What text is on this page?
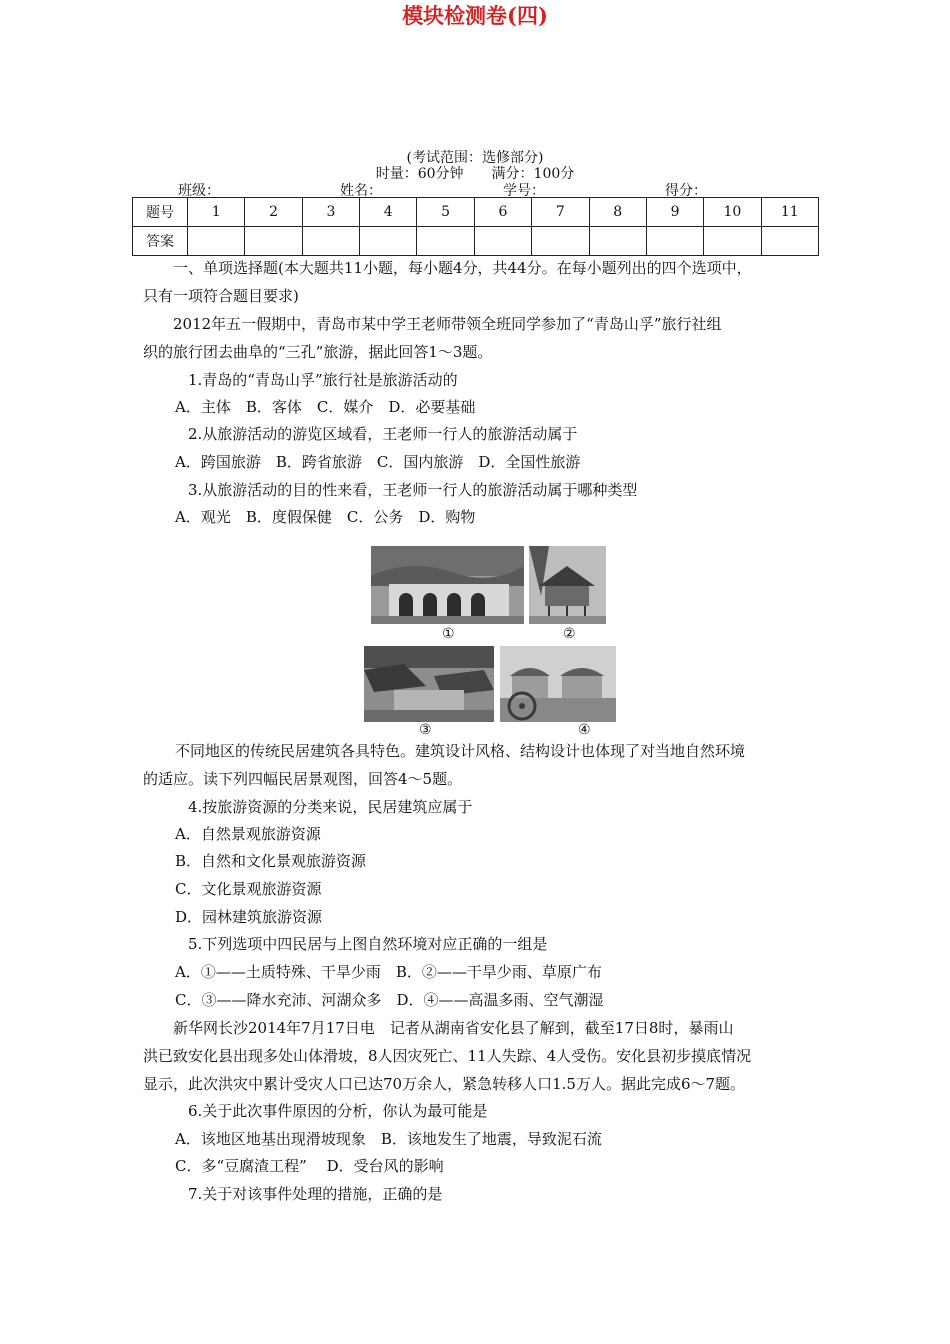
模块检测卷(四)
(考试范围：选修部分)
时量：60分钟　　满分：100分
班级：	姓名：	学号：	得分：
题号	1	2	3	4	5	6	7	8	9	10	11
答案											
一、单项选择题(本大题共11小题，每小题4分，共44分。在每小题列出的四个选项中，
只有一项符合题目要求)
2012年五一假期中，青岛市某中学王老师带领全班同学参加了“青岛山孚”旅行社组
织的旅行团去曲阜的“三孔”旅游，据此回答1～3题。
1.青岛的“青岛山孚”旅行社是旅游活动的
A．主体　B．客体　C．媒介　D．必要基础
2.从旅游活动的游览区域看，王老师一行人的旅游活动属于
A．跨国旅游　B．跨省旅游　C．国内旅游　D．全国性旅游
3.从旅游活动的目的性来看，王老师一行人的旅游活动属于哪种类型
A．观光　B．度假保健　C．公务　D．购物
①	②
③	④
不同地区的传统民居建筑各具特色。建筑设计风格、结构设计也体现了对当地自然环境
的适应。读下列四幅民居景观图，回答4～5题。
4.按旅游资源的分类来说，民居建筑应属于
A．自然景观旅游资源
B．自然和文化景观旅游资源
C．文化景观旅游资源
D．园林建筑旅游资源
5.下列选项中四民居与上图自然环境对应正确的一组是
A．①——土质特殊、干旱少雨　B．②——干旱少雨、草原广布
C．③——降水充沛、河湖众多　D．④——高温多雨、空气潮湿
新华网长沙2014年7月17日电　记者从湖南省安化县了解到，截至17日8时，暴雨山
洪已致安化县出现多处山体滑坡，8人因灾死亡、11人失踪、4人受伤。安化县初步摸底情况
显示，此次洪灾中累计受灾人口已达70万余人，紧急转移人口1.5万人。据此完成6～7题。
6.关于此次事件原因的分析，你认为最可能是
A．该地区地基出现滑坡现象　B．该地发生了地震，导致泥石流
C．多“豆腐渣工程”　 D．受台风的影响
7.关于对该事件处理的措施，正确的是
